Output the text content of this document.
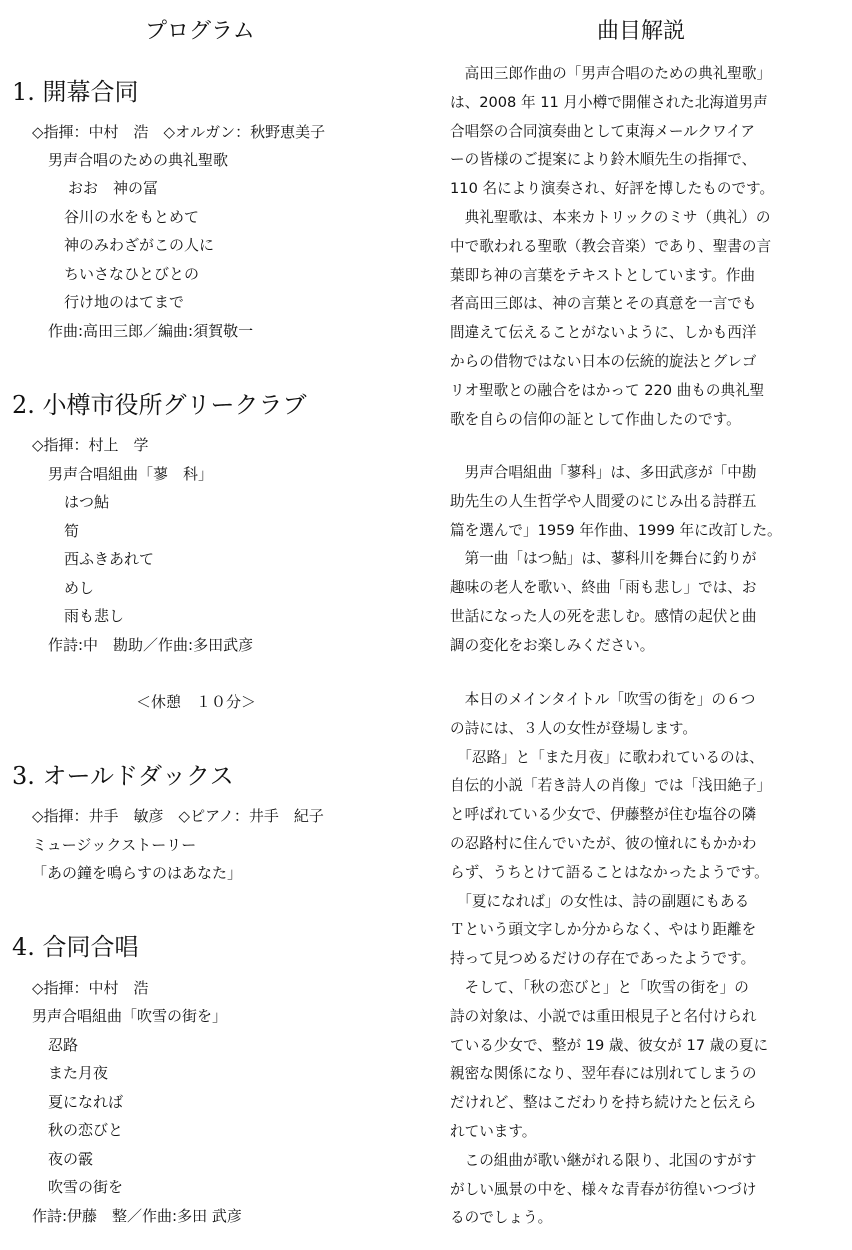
プログラム	曲目解説
1. 開幕合同
◇指揮：中村　浩　◇オルガン：秋野恵美子
男声合唱のための典礼聖歌
おお　神の冨
谷川の水をもとめて
神のみわざがこの人に
ちいさなひとびとの
行け地のはてまで
作曲:高田三郎／編曲:須賀敬一
2. 小樽市役所グリークラブ
◇指揮：村上　学
男声合唱組曲「蓼　科」
はつ鮎
筍
西ふきあれて
めし
雨も悲し
作詩:中　勘助／作曲:多田武彦
＜休憩　１０分＞
3. オールドダックス
◇指揮：井手　敏彦　◇ピアノ：井手　紀子
ミュージックストーリー
「あの鐘を鳴らすのはあなた」
4. 合同合唱
◇指揮：中村　浩
男声合唱組曲「吹雪の街を」
忍路
また月夜
夏になれば
秋の恋びと
夜の霰
吹雪の街を
作詩:伊藤　整／作曲:多田 武彦
　高田三郎作曲の「男声合唱のための典礼聖歌」
は、2008 年 11 月小樽で開催された北海道男声
合唱祭の合同演奏曲として東海メールクワイア
ーの皆様のご提案により鈴木順先生の指揮で、
110 名により演奏され、好評を博したものです。
　典礼聖歌は、本来カトリックのミサ（典礼）の
中で歌われる聖歌（教会音楽）であり、聖書の言
葉即ち神の言葉をテキストとしています。作曲
者高田三郎は、神の言葉とその真意を一言でも
間違えて伝えることがないように、しかも西洋
からの借物ではない日本の伝統的旋法とグレゴ
リオ聖歌との融合をはかって 220 曲もの典礼聖
歌を自らの信仰の証として作曲したのです。
　男声合唱組曲「蓼科」は、多田武彦が「中勘
助先生の人生哲学や人間愛のにじみ出る詩群五
篇を選んで」1959 年作曲、1999 年に改訂した。
　第一曲「はつ鮎」は、蓼科川を舞台に釣りが
趣味の老人を歌い、終曲「雨も悲し」では、お
世話になった人の死を悲しむ。感情の起伏と曲
調の変化をお楽しみください。
　本日のメインタイトル「吹雪の街を」の６つ
の詩には、３人の女性が登場します。
　「忍路」と「また月夜」に歌われているのは、
自伝的小説「若き詩人の肖像」では「浅田絶子」
と呼ばれている少女で、伊藤整が住む塩谷の隣
の忍路村に住んでいたが、彼の憧れにもかかわ
らず、うちとけて語ることはなかったようです。
　「夏になれば」の女性は、詩の副題にもある
Ｔという頭文字しか分からなく、やはり距離を
持って見つめるだけの存在であったようです。
　そして、「秋の恋びと」と「吹雪の街を」の
詩の対象は、小説では重田根見子と名付けられ
ている少女で、整が 19 歳、彼女が 17 歳の夏に
親密な関係になり、翌年春には別れてしまうの
だけれど、整はこだわりを持ち続けたと伝えら
れています。
　この組曲が歌い継がれる限り、北国のすがす
がしい風景の中を、様々な青春が彷徨いつづけ
るのでしょう。
